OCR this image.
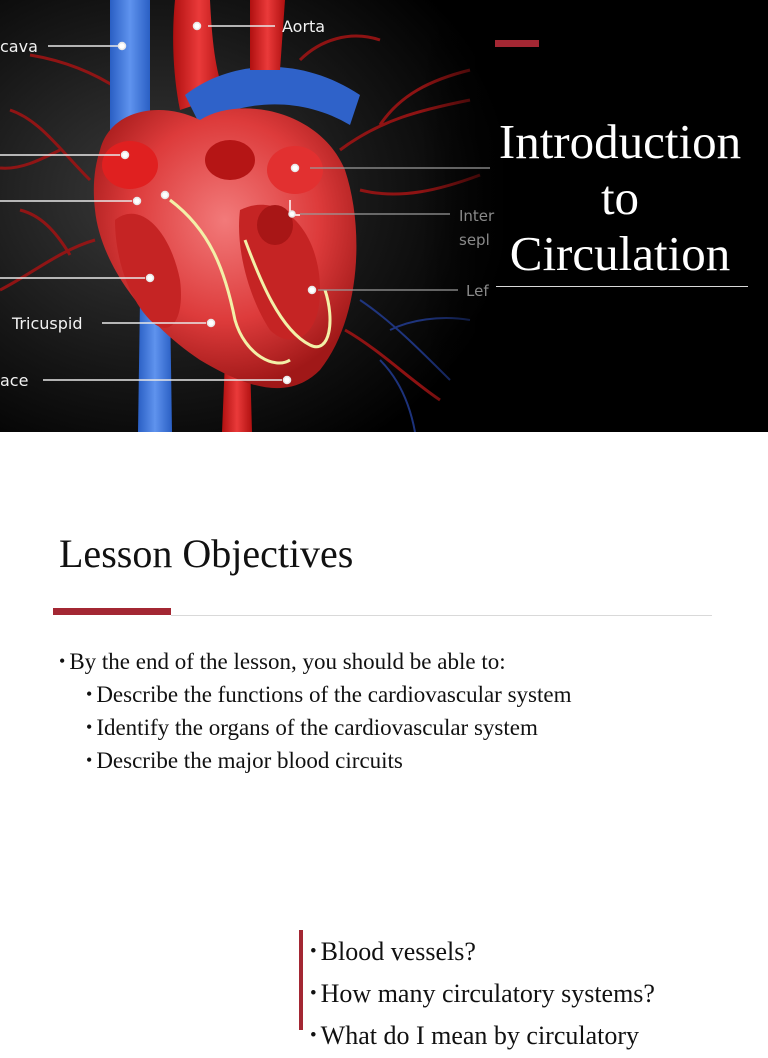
Aorta
cava
Tricuspid
ace
Inter
sepl
Lef
Introduction
to
Circulation
Lesson Objectives
• By the end of the lesson, you should be able to:
• Describe the functions of the cardiovascular system
• Identify the organs of the cardiovascular system
• Describe the major blood circuits
• Blood vessels?
• How many circulatory systems?
• What do I mean by circulatory
